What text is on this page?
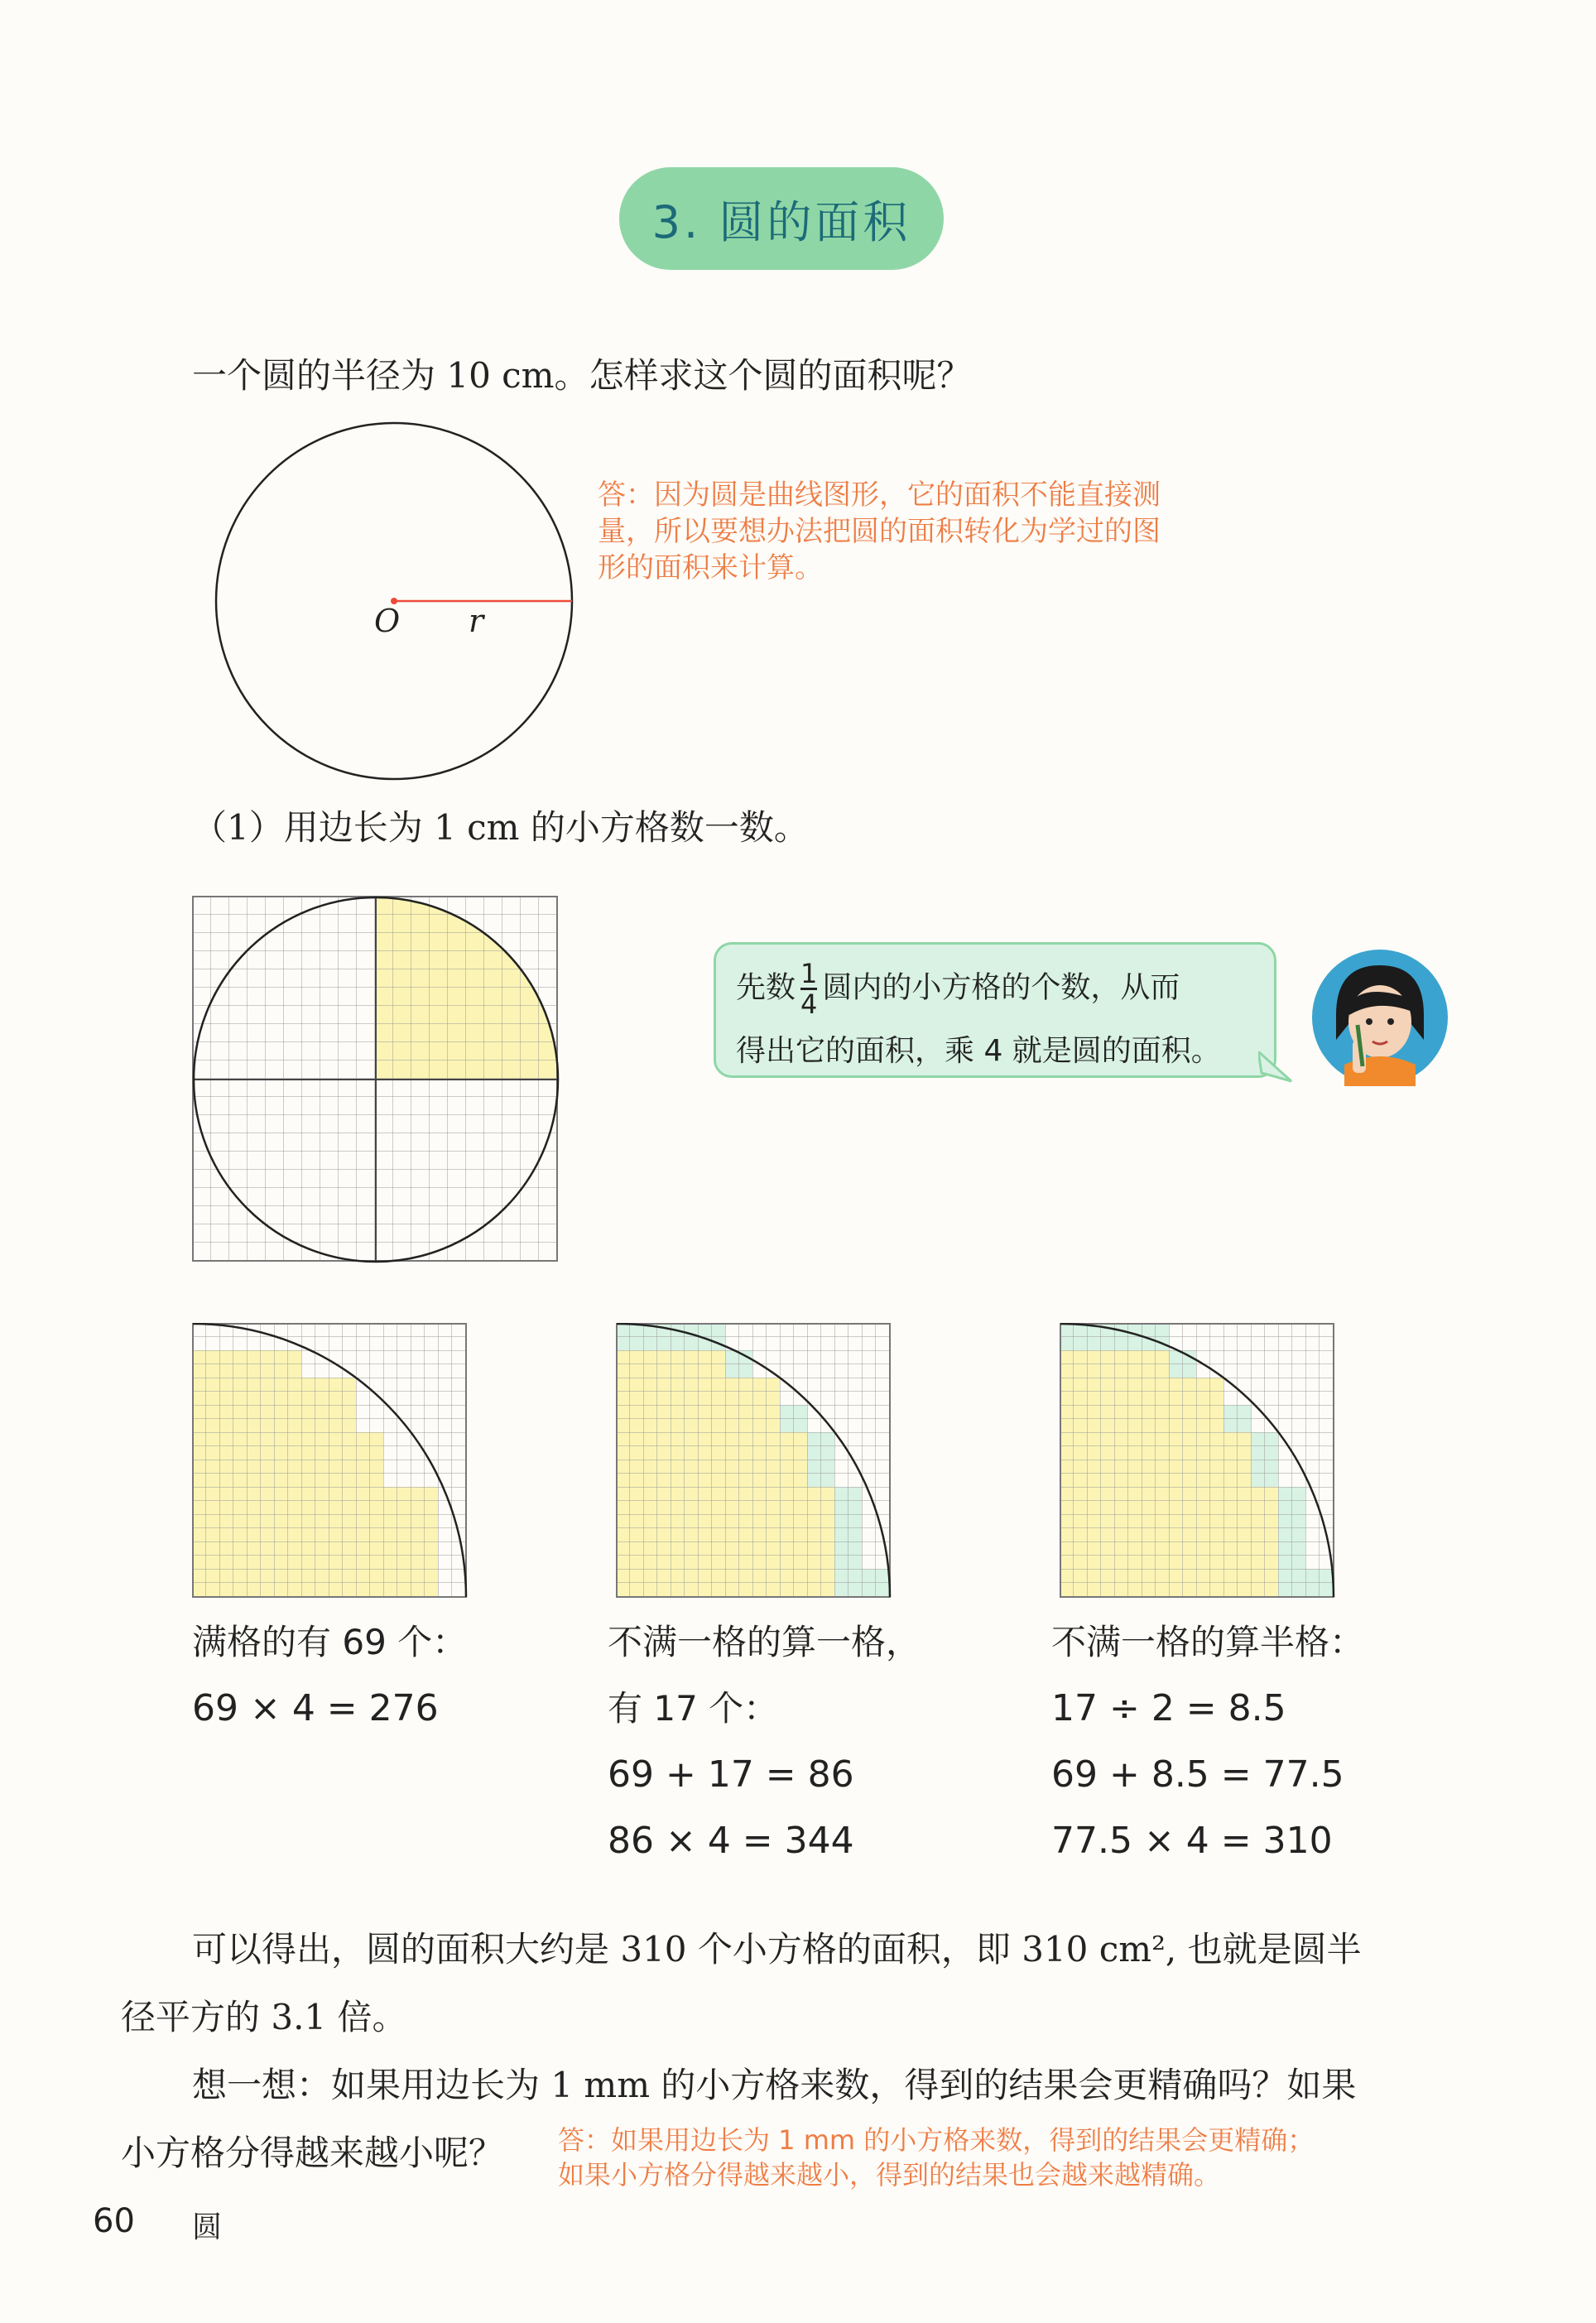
3. 圆的面积
一个圆的半径为 10 cm。怎样求这个圆的面积呢？
O r
答：因为圆是曲线图形，它的面积不能直接测
量，所以要想办法把圆的面积转化为学过的图
形的面积来计算。
（1）用边长为 1 cm 的小方格数一数。
先数 $\frac{1}{4}$ 圆内的小方格的个数，从而
得出它的面积，乘 4 就是圆的面积。
满格的有 69 个：
69 × 4 = 276
不满一格的算一格，
有 17 个：
69 + 17 = 86
86 × 4 = 344
不满一格的算半格：
17 ÷ 2 = 8.5
69 + 8.5 = 77.5
77.5 × 4 = 310
可以得出，圆的面积大约是 310 个小方格的面积，即 310 cm², 也就是圆半
径平方的 3.1 倍。
想一想：如果用边长为 1 mm 的小方格来数，得到的结果会更精确吗？如果
小方格分得越来越小呢？ 答：如果用边长为 1 mm 的小方格来数，得到的结果会更精确；
如果小方格分得越来越小，得到的结果也会越来越精确。
60 圆
